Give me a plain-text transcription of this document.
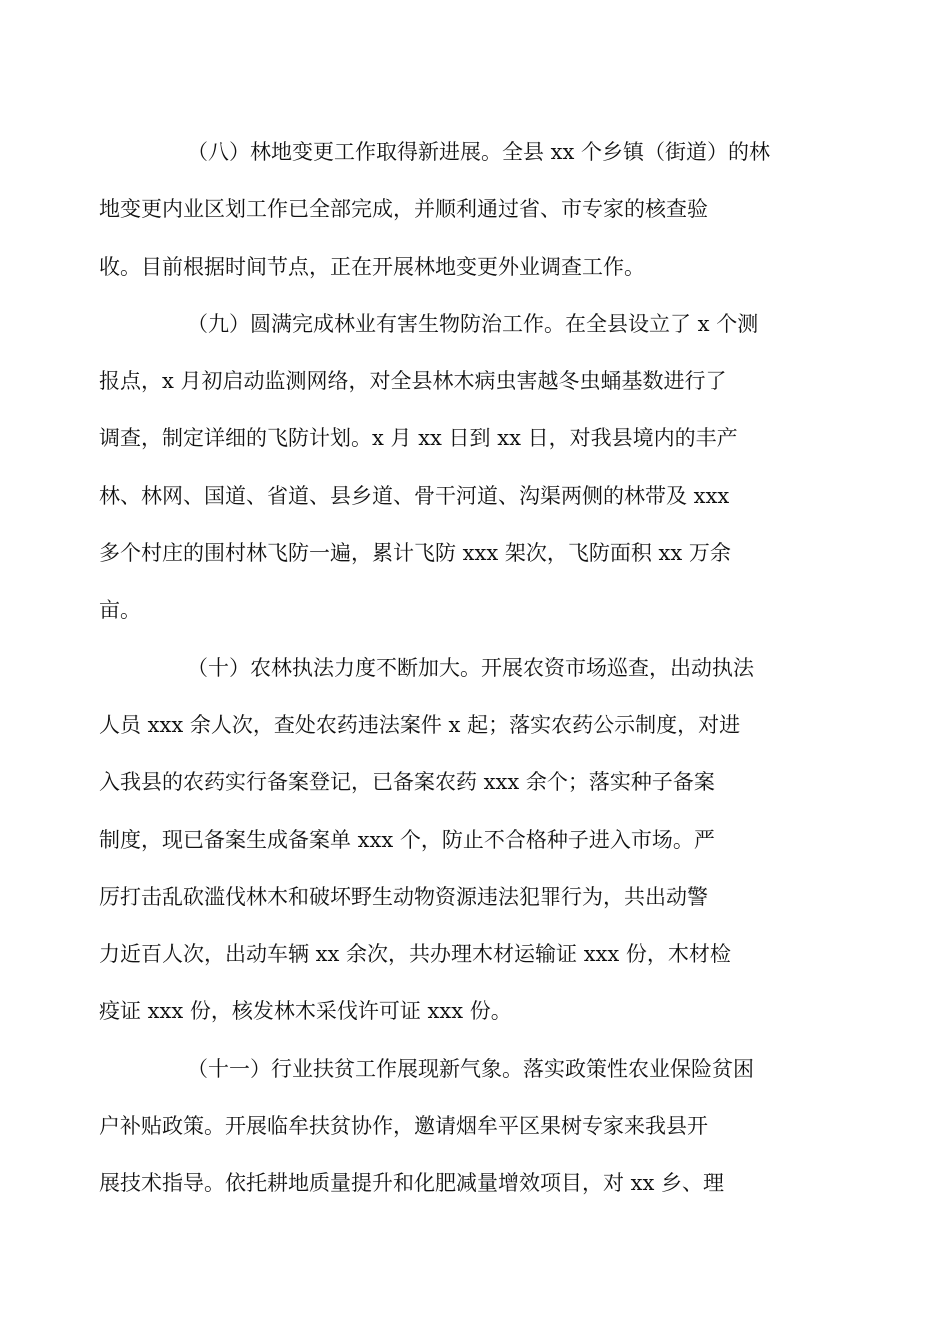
（八）林地变更工作取得新进展。全县 xx 个乡镇（街道）的林
地变更内业区划工作已全部完成，并顺利通过省、市专家的核查验
收。目前根据时间节点，正在开展林地变更外业调查工作。

（九）圆满完成林业有害生物防治工作。在全县设立了 x 个测
报点，x 月初启动监测网络，对全县林木病虫害越冬虫蛹基数进行了
调查，制定详细的飞防计划。x 月 xx 日到 xx 日，对我县境内的丰产
林、林网、国道、省道、县乡道、骨干河道、沟渠两侧的林带及 xxx
多个村庄的围村林飞防一遍，累计飞防 xxx 架次，飞防面积 xx 万余
亩。

（十）农林执法力度不断加大。开展农资市场巡查，出动执法
人员 xxx 余人次，查处农药违法案件 x 起；落实农药公示制度，对进
入我县的农药实行备案登记，已备案农药 xxx 余个；落实种子备案
制度，现已备案生成备案单 xxx 个，防止不合格种子进入市场。严
厉打击乱砍滥伐林木和破坏野生动物资源违法犯罪行为，共出动警
力近百人次，出动车辆 xx 余次，共办理木材运输证 xxx 份，木材检
疫证 xxx 份，核发林木采伐许可证 xxx 份。

（十一）行业扶贫工作展现新气象。落实政策性农业保险贫困
户补贴政策。开展临牟扶贫协作，邀请烟牟平区果树专家来我县开
展技术指导。依托耕地质量提升和化肥减量增效项目，对 xx 乡、理
